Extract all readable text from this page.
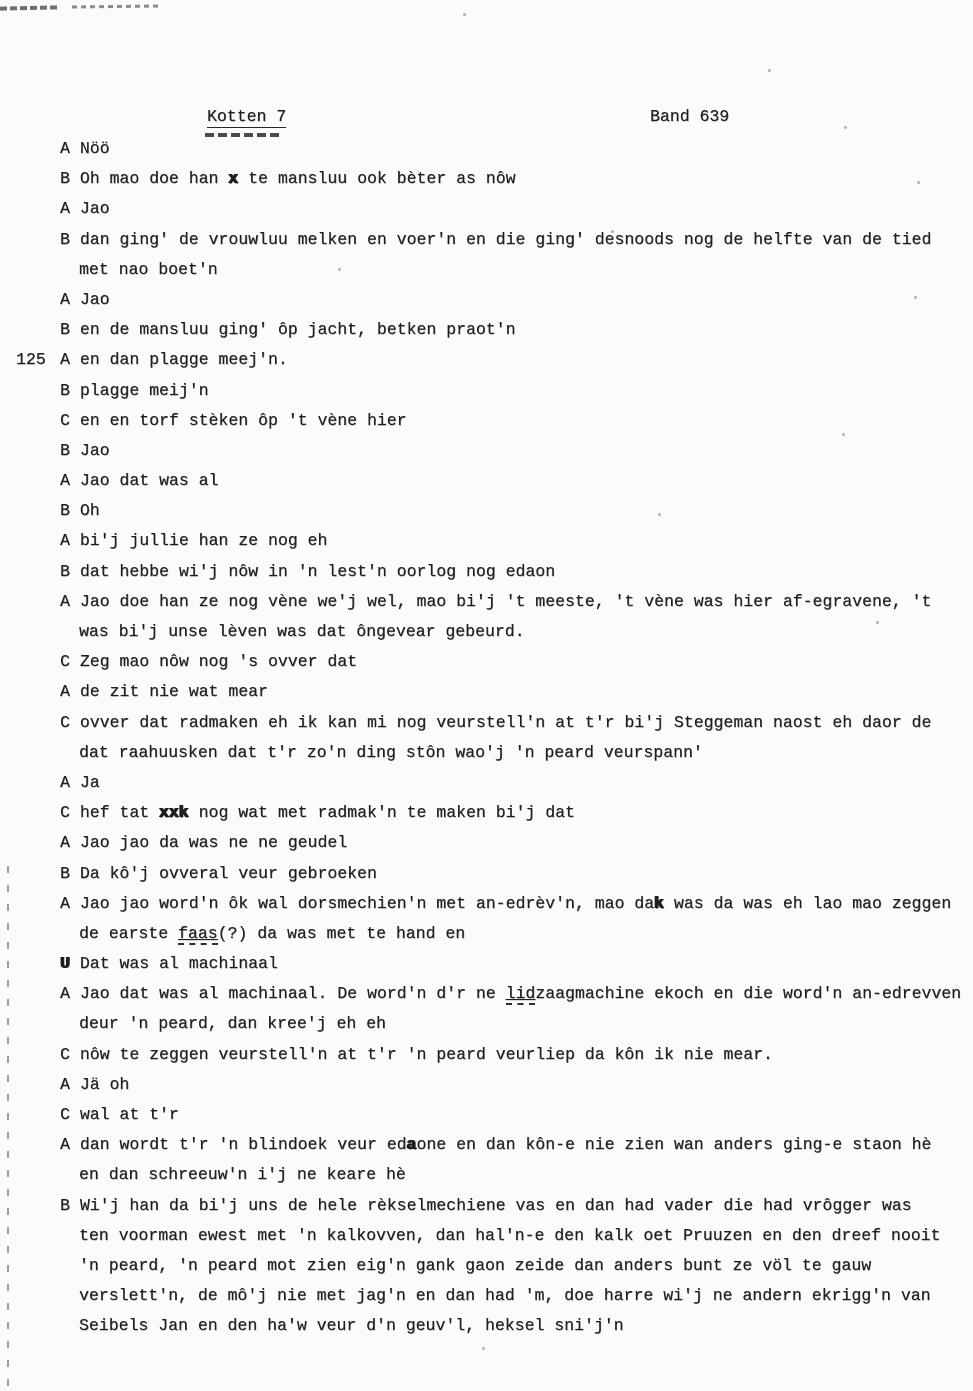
Kotten 7	Band 639
A Nöö
B Oh mao doe han x te mansluu ook bèter as nôw
A Jao
B dan ging' de vrouwluu melken en voer'n en die ging' desnoods nog de helfte van de tied
met nao boet'n
A Jao
B en de mansluu ging' ôp jacht, betken praot'n
125 A en dan plagge meej'n.
B plagge meij'n
C en en torf stèken ôp 't vène hier
B Jao
A Jao dat was al
B Oh
A bi'j jullie han ze nog eh
B dat hebbe wi'j nôw in 'n lest'n oorlog nog edaon
A Jao doe han ze nog vène we'j wel, mao bi'j 't meeste, 't vène was hier af-egravene, 't
was bi'j unse lèven was dat ôngevear gebeurd.
C Zeg mao nôw nog 's ovver dat
A de zit nie wat mear
C ovver dat radmaken eh ik kan mi nog veurstell'n at t'r bi'j Steggeman naost eh daor de
dat raahuusken dat t'r zo'n ding stôn wao'j 'n peard veurspann'
A Ja
C hef tat xxk nog wat met radmak'n te maken bi'j dat
A Jao jao da was ne ne geudel
B Da kô'j ovveral veur gebroeken
A Jao jao word'n ôk wal dorsmechien'n met an-edrèv'n, mao dak was da was eh lao mao zeggen
de earste faas(?) da was met te hand en
U Dat was al machinaal
A Jao dat was al machinaal. De word'n d'r ne lidzaagmachine ekoch en die word'n an-edrevven
deur 'n peard, dan kree'j eh eh
C nôw te zeggen veurstell'n at t'r 'n peard veurliep da kôn ik nie mear.
A Jä oh
C wal at t'r
A dan wordt t'r 'n blindoek veur edaone en dan kôn-e nie zien wan anders ging-e staon hè
en dan schreeuw'n i'j ne keare hè
B Wi'j han da bi'j uns de hele rèkselmechiene vas en dan had vader die had vrôgger was
ten voorman ewest met 'n kalkovven, dan hal'n-e den kalk oet Pruuzen en den dreef nooit
'n peard, 'n peard mot zien eig'n gank gaon zeide dan anders bunt ze völ te gauw
verslett'n, de mô'j nie met jag'n en dan had 'm, doe harre wi'j ne andern ekrigg'n van
Seibels Jan en den ha'w veur d'n geuv'l, heksel sni'j'n
